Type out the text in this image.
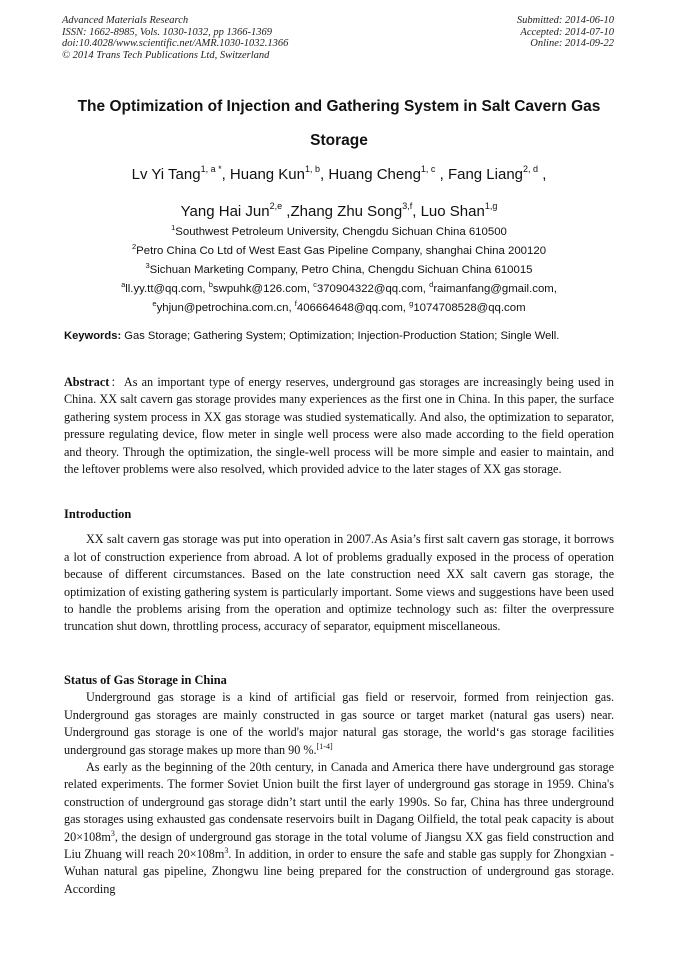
Advanced Materials Research
ISSN: 1662-8985, Vols. 1030-1032, pp 1366-1369
doi:10.4028/www.scientific.net/AMR.1030-1032.1366
© 2014 Trans Tech Publications Ltd, Switzerland
Submitted: 2014-06-10
Accepted: 2014-07-10
Online: 2014-09-22
The Optimization of Injection and Gathering System in Salt Cavern Gas
Storage
Lv Yi Tang$^{1, a *}$, Huang Kun$^{1, b}$, Huang Cheng$^{1, c}$ , Fang Liang$^{2, d}$ ,
Yang Hai Jun$^{2,e}$ ,Zhang Zhu Song$^{3,f}$, Luo Shan$^{1,g}$
$^1$Southwest Petroleum University, Chengdu Sichuan China 610500
$^2$Petro China Co Ltd of West East Gas Pipeline Company, shanghai China 200120
$^3$Sichuan Marketing Company, Petro China, Chengdu Sichuan China 610015
$^a$ll.yy.tt@qq.com, $^b$swpuhk@126.com, $^c$370904322@qq.com, $^d$raimanfang@gmail.com,
$^e$yhjun@petrochina.com.cn, $^f$406664648@qq.com, $^g$1074708528@qq.com
Keywords: Gas Storage; Gathering System; Optimization; Injection-Production Station; Single Well.

Abstract：As an important type of energy reserves, underground gas storages are increasingly being used in China. XX salt cavern gas storage provides many experiences as the first one in China. In this paper, the surface gathering system process in XX gas storage was studied systematically. And also, the optimization to separator, pressure regulating device, flow meter in single well process were also made according to the field operation and theory. Through the optimization, the single-well process will be more simple and easier to maintain, and the leftover problems were also resolved, which provided advice to the later stages of XX gas storage.

Introduction

XX salt cavern gas storage was put into operation in 2007.As Asia’s first salt cavern gas storage, it borrows a lot of construction experience from abroad. A lot of problems gradually exposed in the process of operation because of different circumstances. Based on the late construction need XX salt cavern gas storage, the optimization of existing gathering system is particularly important. Some views and suggestions have been used to handle the problems arising from the operation and optimize technology such as: filter the overpressure truncation shut down, throttling process, accuracy of separator, equipment miscellaneous.

Status of Gas Storage in China

Underground gas storage is a kind of artificial gas field or reservoir, formed from reinjection gas. Underground gas storages are mainly constructed in gas source or target market (natural gas users) near. Underground gas storage is one of the world's major natural gas storage, the world‘s gas storage facilities underground gas storage makes up more than 90 %.[1-4]

As early as the beginning of the 20th century, in Canada and America there have underground gas storage related experiments. The former Soviet Union built the first layer of underground gas storage in 1959. China's construction of underground gas storage didn’t start until the early 1990s. So far, China has three underground gas storages using exhausted gas condensate reservoirs built in Dagang Oilfield, the total peak capacity is about $20\times 108m^3$, the design of underground gas storage in the total volume of Jiangsu XX gas field construction and Liu Zhuang will reach $20\times 108m^3$. In addition, in order to ensure the safe and stable gas supply for Zhongxian - Wuhan natural gas pipeline, Zhongwu line being prepared for the construction of underground gas storage. According
